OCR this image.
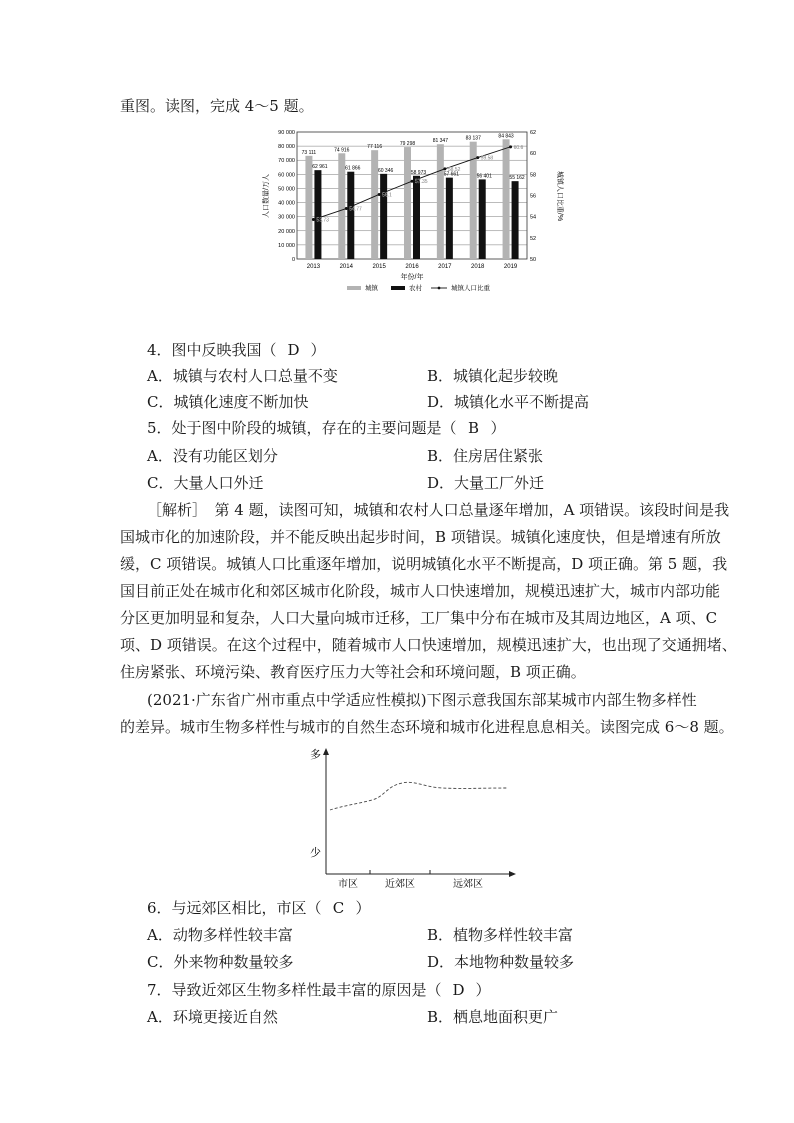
重图。读图，完成 4～5 题。
0
10 000
20 000
30 000
40 000
50 000
60 000
70 000
80 000
90 000
50
52
54
56
58
60
62
73 111
62 961
2013
74 916
61 866
2014
77 116
60 346
2015
79 298
58 973
2016
81 347
57 661
2017
83 137
56 401
2018
84 843
55 162
2019
53.73
54.77
56.1
57.35
58.52
59.58
60.6
人口数量/万人	城镇人口比重/%
年份/年
城镇	农村	城镇人口比重
4．图中反映我国（ D ）
A．城镇与农村人口总量不变	B．城镇化起步较晚
C．城镇化速度不断加快	D．城镇化水平不断提高
5．处于图中阶段的城镇，存在的主要问题是（ B ）
A．没有功能区划分	B．住房居住紧张
C．大量人口外迁	D．大量工厂外迁
［解析］　第 4 题，读图可知，城镇和农村人口总量逐年增加，A 项错误。该段时间是我
国城市化的加速阶段，并不能反映出起步时间，B 项错误。城镇化速度快，但是增速有所放
缓，C 项错误。城镇人口比重逐年增加，说明城镇化水平不断提高，D 项正确。第 5 题，我
国目前正处在城市化和郊区城市化阶段，城市人口快速增加，规模迅速扩大，城市内部功能
分区更加明显和复杂，人口大量向城市迁移，工厂集中分布在城市及其周边地区，A 项、C
项、D 项错误。在这个过程中，随着城市人口快速增加，规模迅速扩大，也出现了交通拥堵、
住房紧张、环境污染、教育医疗压力大等社会和环境问题，B 项正确。
(2021·广东省广州市重点中学适应性模拟)下图示意我国东部某城市内部生物多样性
的差异。城市生物多样性与城市的自然生态环境和城市化进程息息相关。读图完成 6～8 题。
多
少
市区	近郊区	远郊区
6．与远郊区相比，市区（ C ）
A．动物多样性较丰富	B．植物多样性较丰富
C．外来物种数量较多	D．本地物种数量较多
7．导致近郊区生物多样性最丰富的原因是（ D ）
A．环境更接近自然	B．栖息地面积更广
